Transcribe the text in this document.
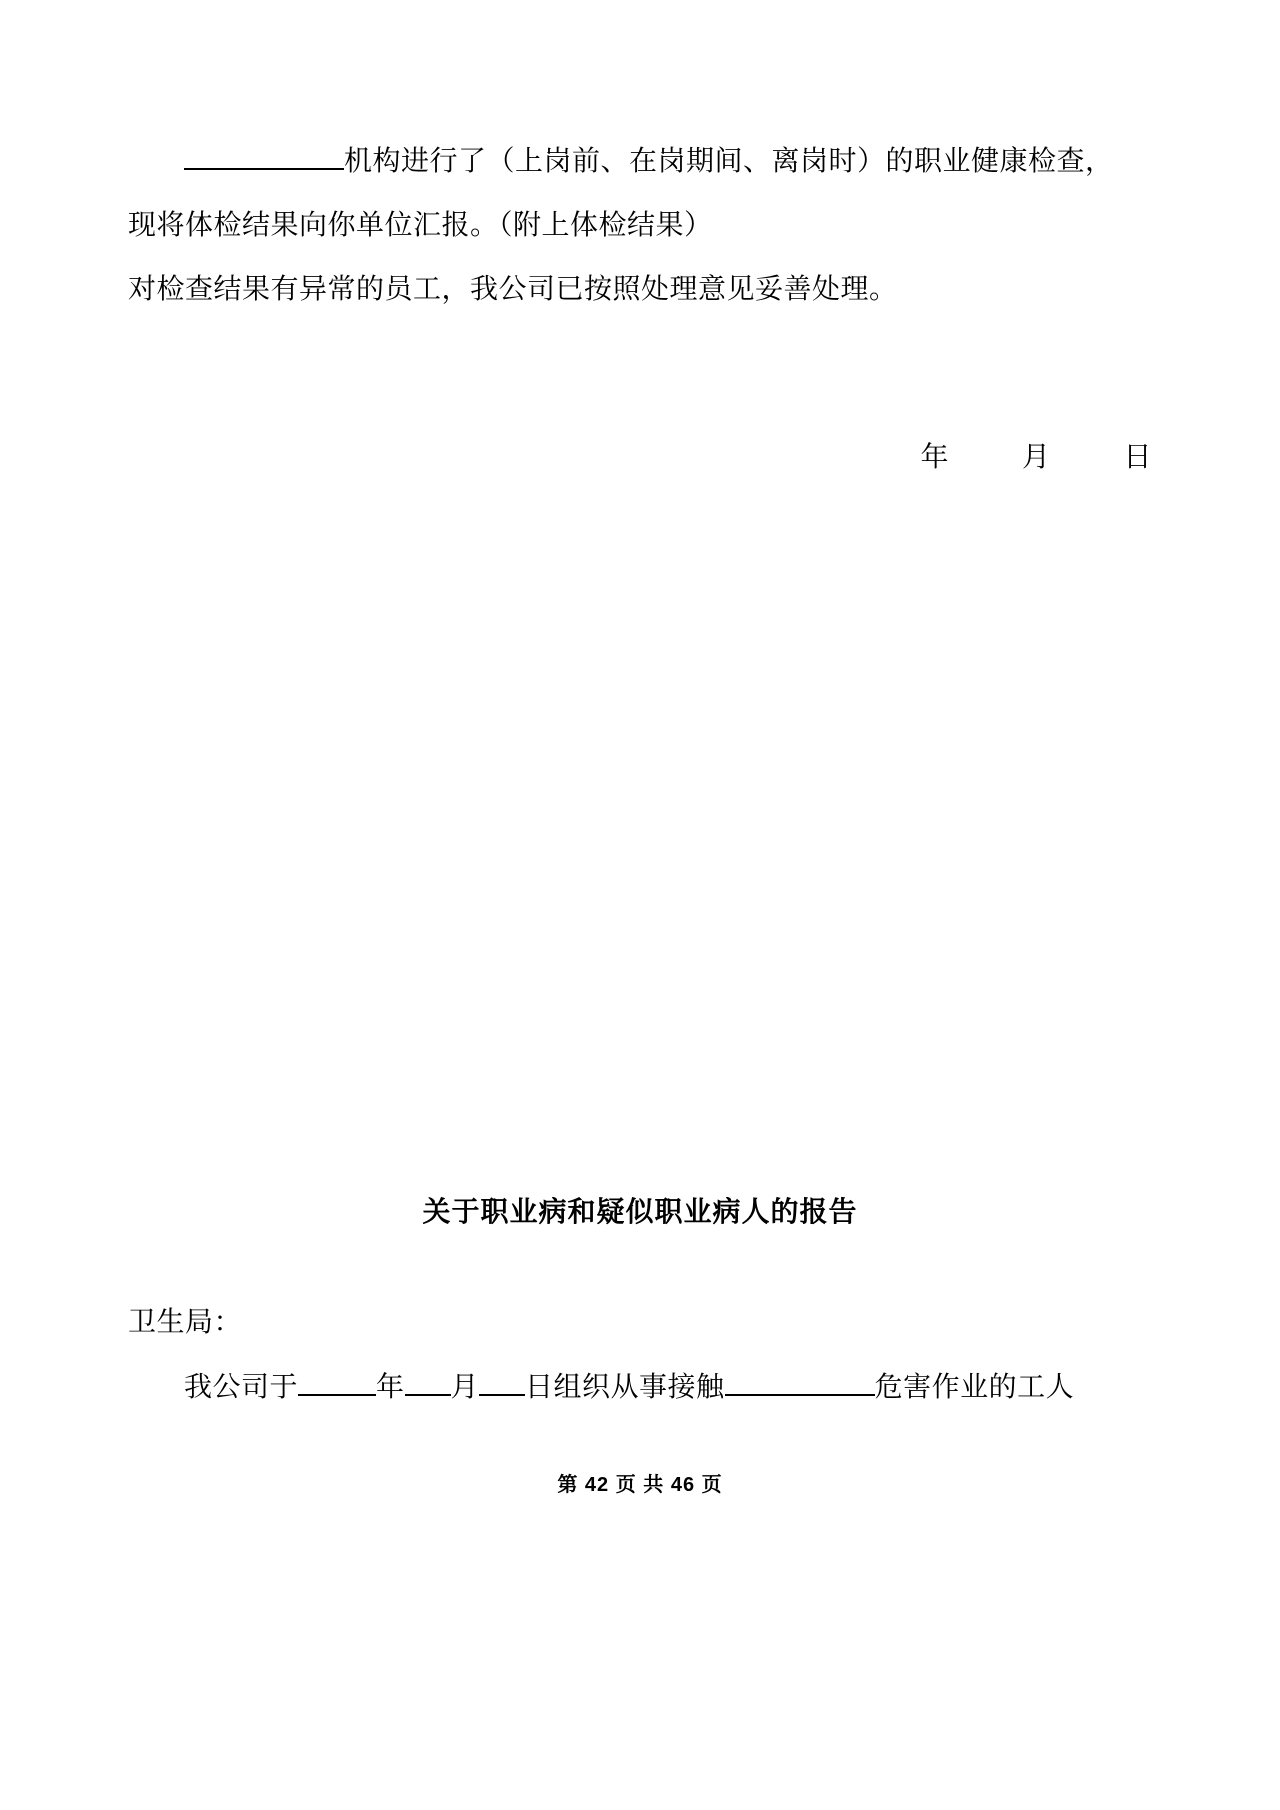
机构进行了（上岗前、在岗期间、离岗时）的职业健康检查，
现将体检结果向你单位汇报。（附上体检结果）
对检查结果有异常的员工，我公司已按照处理意见妥善处理。
年	月	日
关于职业病和疑似职业病人的报告
卫生局：
我公司于	年 月 日组织从事接触	危害作业的工人
第 42 页 共 46 页
